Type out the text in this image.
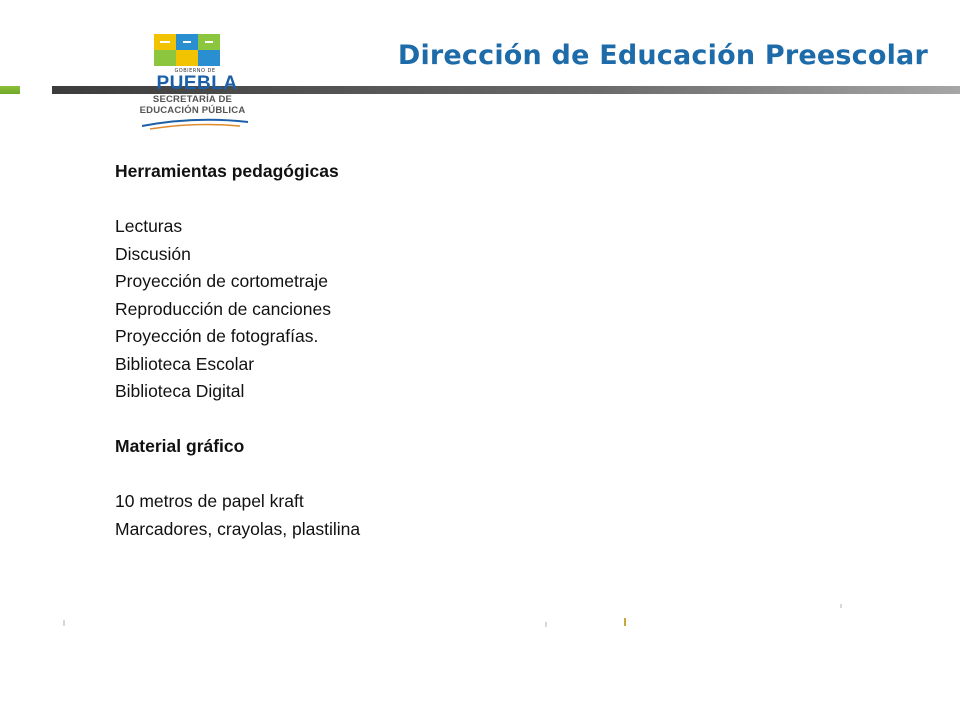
Dirección de Educación Preescolar
GOBIERNO DE
PUEBLA
SECRETARÍA DE
EDUCACIÓN PÚBLICA

Herramientas pedagógicas

Lecturas

Discusión

Proyección de cortometraje

Reproducción de canciones

Proyección de fotografías.

Biblioteca Escolar

Biblioteca Digital

Material gráfico

10 metros de papel kraft

Marcadores, crayolas, plastilina
